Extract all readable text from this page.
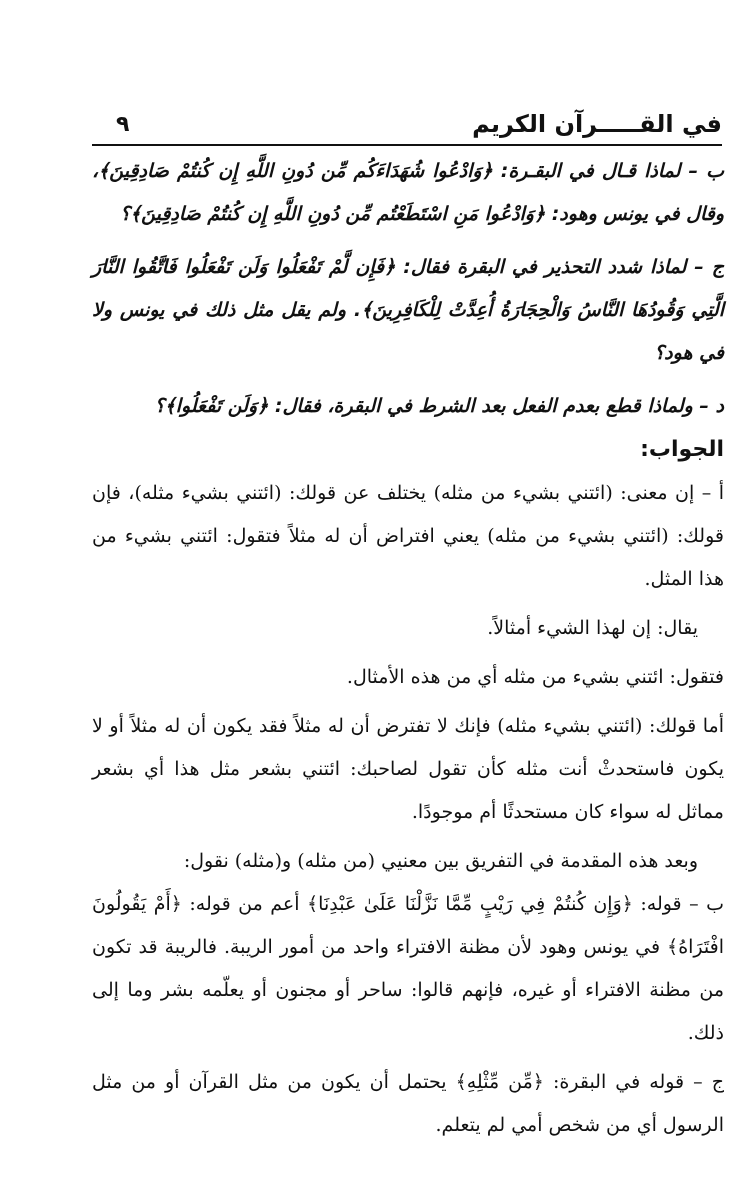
في القـــــرآن الكريم
٩

ب – لماذا قـال في البقـرة: ﴿وَادْعُوا شُهَدَاءَكُم مِّن دُونِ اللَّهِ إِن كُنتُمْ صَادِقِينَ﴾، وقال في يونس وهود: ﴿وَادْعُوا مَنِ اسْتَطَعْتُم مِّن دُونِ اللَّهِ إِن كُنتُمْ صَادِقِينَ﴾؟

ج – لماذا شدد التحذير في البقرة فقال: ﴿فَإِن لَّمْ تَفْعَلُوا وَلَن تَفْعَلُوا فَاتَّقُوا النَّارَ الَّتِي وَقُودُهَا النَّاسُ وَالْحِجَارَةُ أُعِدَّتْ لِلْكَافِرِينَ﴾. ولم يقل مثل ذلك في يونس ولا في هود؟

د – ولماذا قطع بعدم الفعل بعد الشرط في البقرة، فقال: ﴿وَلَن تَفْعَلُوا﴾؟

الجواب:

أ – إن معنى: (ائتني بشيء من مثله) يختلف عن قولك: (ائتني بشيء مثله)، فإن قولك: (ائتني بشيء من مثله) يعني افتراض أن له مثلاً فتقول: ائتني بشيء من هذا المثل.

يقال: إن لهذا الشيء أمثالاً.

فتقول: ائتني بشيء من مثله أي من هذه الأمثال.

أما قولك: (ائتني بشيء مثله) فإنك لا تفترض أن له مثلاً فقد يكون أن له مثلاً أو لا يكون فاستحدثْ أنت مثله كأن تقول لصاحبك: ائتني بشعر مثل هذا أي بشعر مماثل له سواء كان مستحدثًا أم موجودًا.

وبعد هذه المقدمة في التفريق بين معنيي (من مثله) و(مثله) نقول:

ب – قوله: ﴿وَإِن كُنتُمْ فِي رَيْبٍ مِّمَّا نَزَّلْنَا عَلَىٰ عَبْدِنَا﴾ أعم من قوله: ﴿أَمْ يَقُولُونَ افْتَرَاهُ﴾ في يونس وهود لأن مظنة الافتراء واحد من أمور الريبة. فالريبة قد تكون من مظنة الافتراء أو غيره، فإنهم قالوا: ساحر أو مجنون أو يعلّمه بشر وما إلى ذلك.

ج – قوله في البقرة: ﴿مِّن مِّثْلِهِ﴾ يحتمل أن يكون من مثل القرآن أو من مثل الرسول أي من شخص أمي لم يتعلم.
